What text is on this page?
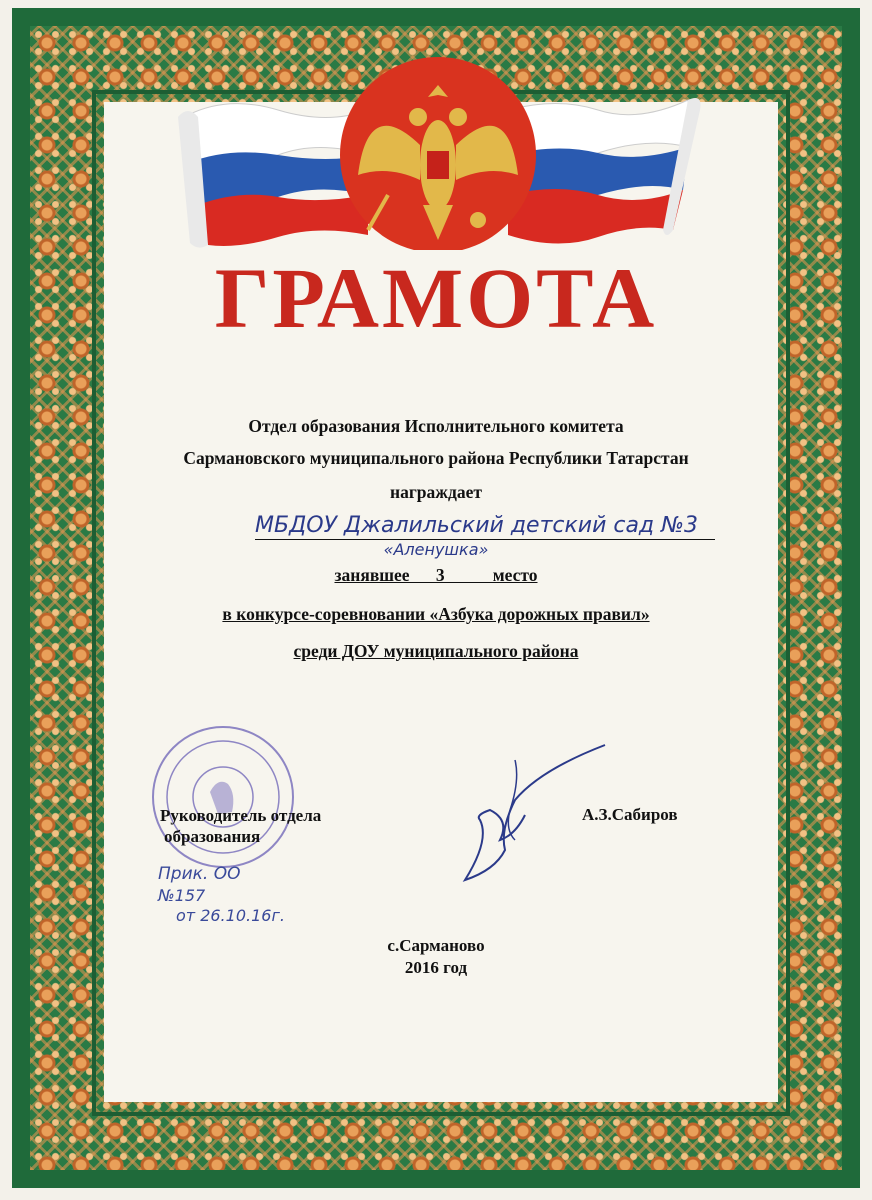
ГРАМОТА
Отдел образования Исполнительного комитета
Сармановского муниципального района Республики Татарстан
награждает
МБДОУ Джалильский детский сад №3
«Аленушка»
занявшее      3           место
в конкурсе-соревновании «Азбука дорожных правил»
среди ДОУ муниципального района
Руководитель отдела
образования
А.З.Сабиров
Прик. ОО
№157
от 26.10.16г.
с.Сарманово
2016 год
